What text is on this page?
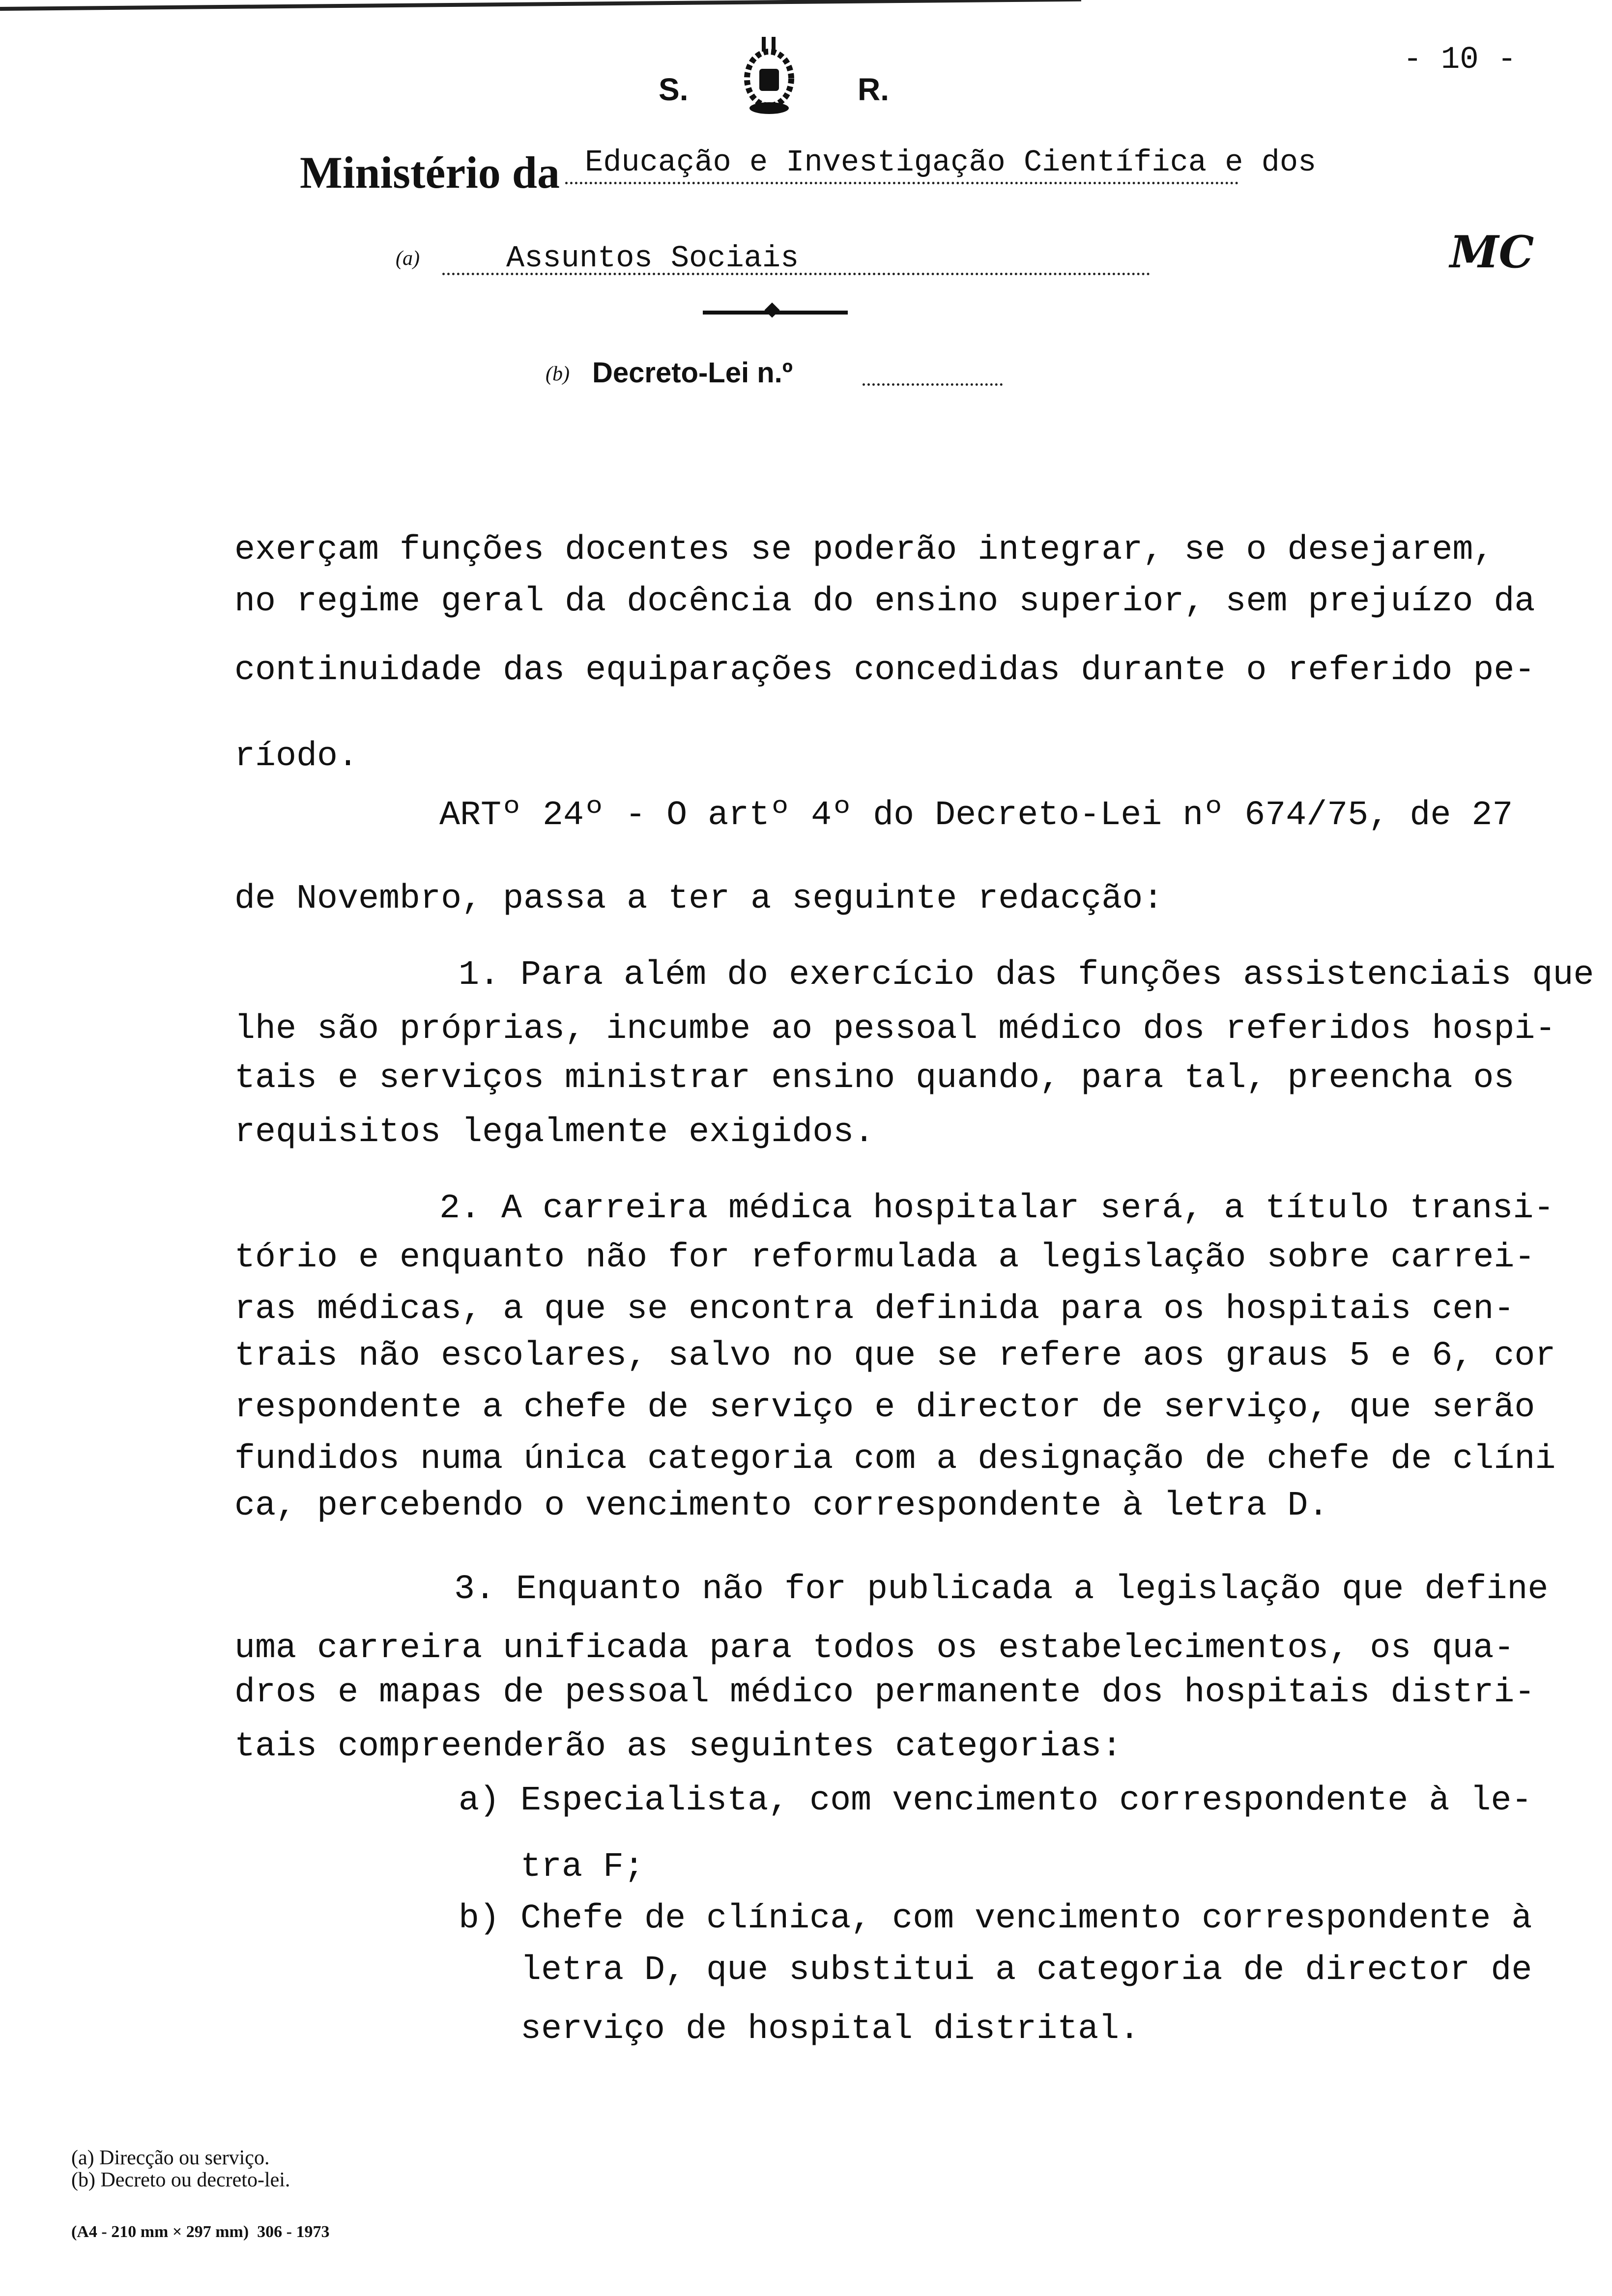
S.	R.
- 10 -
Ministério da Educação e Investigação Científica e dos
(a)	Assuntos Sociais	MC
(b) Decreto-Lei n.º
exerçam funções docentes se poderão integrar, se o desejarem,
no regime geral da docência do ensino superior, sem prejuízo da
continuidade das equiparações concedidas durante o referido pe-
ríodo.
ARTº 24º - O artº 4º do Decreto-Lei nº 674/75, de 27
de Novembro, passa a ter a seguinte redacção:
1. Para além do exercício das funções assistenciais que
lhe são próprias, incumbe ao pessoal médico dos referidos hospi-
tais e serviços ministrar ensino quando, para tal, preencha os
requisitos legalmente exigidos.
2. A carreira médica hospitalar será, a título transi-
tório e enquanto não for reformulada a legislação sobre carrei-
ras médicas, a que se encontra definida para os hospitais cen-
trais não escolares, salvo no que se refere aos graus 5 e 6, cor
respondente a chefe de serviço e director de serviço, que serão
fundidos numa única categoria com a designação de chefe de clíni
ca, percebendo o vencimento correspondente à letra D.
3. Enquanto não for publicada a legislação que define
uma carreira unificada para todos os estabelecimentos, os qua-
dros e mapas de pessoal médico permanente dos hospitais distri-
tais compreenderão as seguintes categorias:
a) Especialista, com vencimento correspondente à le-
tra F;
b) Chefe de clínica, com vencimento correspondente à
letra D, que substitui a categoria de director de
serviço de hospital distrital.
(a) Direcção ou serviço.
(b) Decreto ou decreto-lei.
(A4 - 210 mm × 297 mm)  306 - 1973
